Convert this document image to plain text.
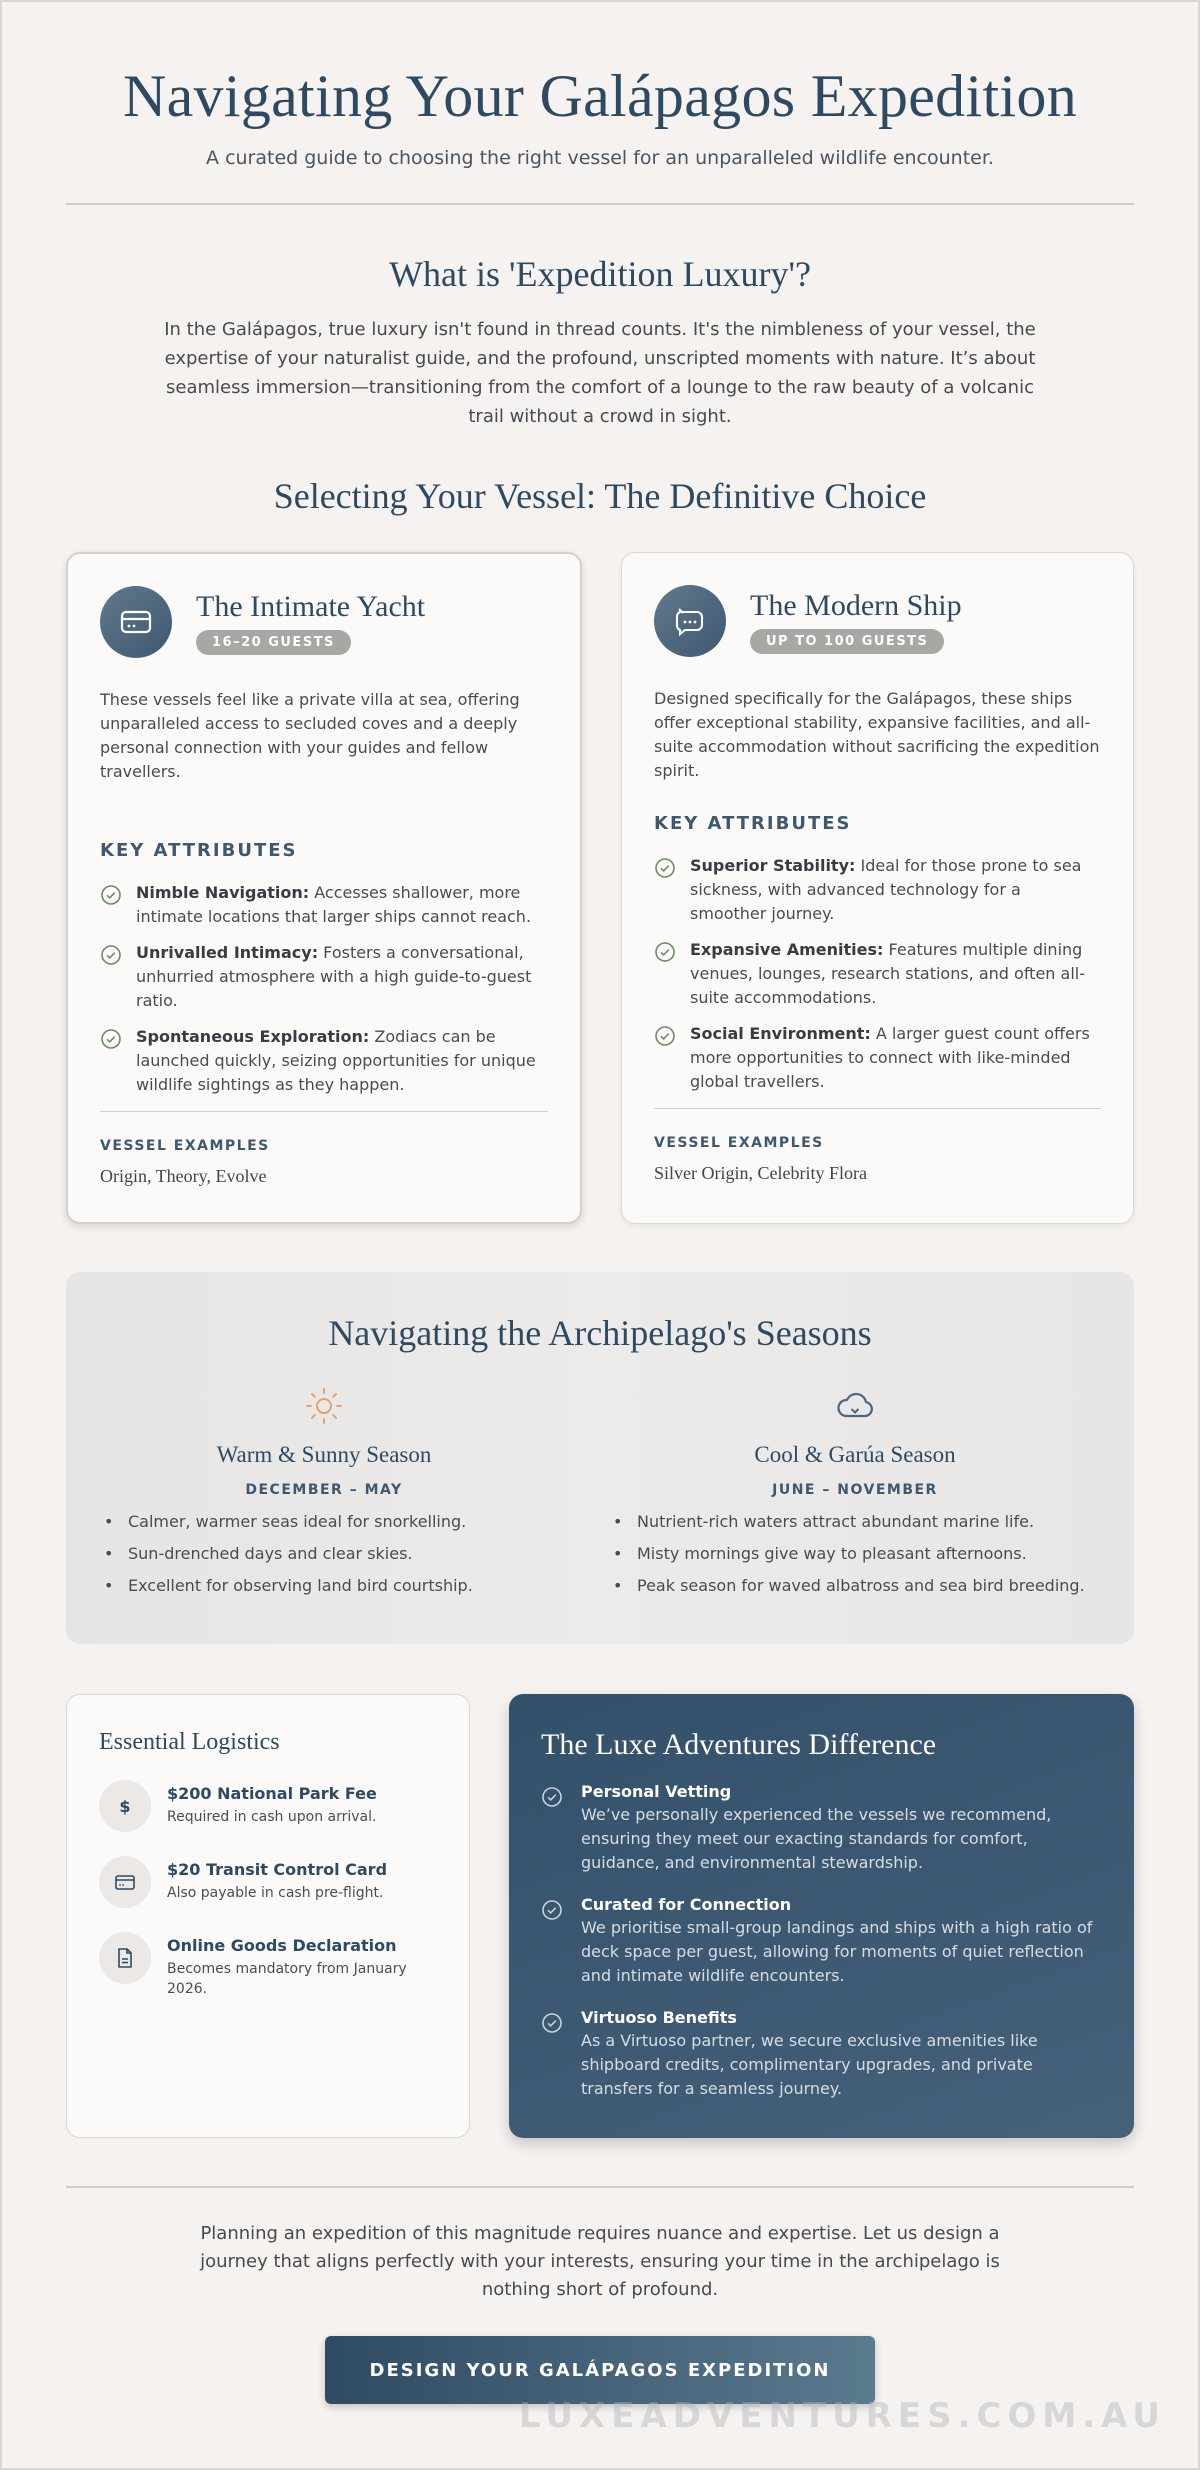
Navigating Your Galápagos Expedition

A curated guide to choosing the right vessel for an unparalleled wildlife encounter.

What is 'Expedition Luxury'?

In the Galápagos, true luxury isn't found in thread counts. It's the nimbleness of your vessel, the expertise of your naturalist guide, and the profound, unscripted moments with nature. It’s about seamless immersion—transitioning from the comfort of a lounge to the raw beauty of a volcanic trail without a crowd in sight.

Selecting Your Vessel: The Definitive Choice
The Intimate Yacht
16–20 GUESTS

These vessels feel like a private villa at sea, offering unparalleled access to secluded coves and a deeply personal connection with your guides and fellow travellers.

KEY ATTRIBUTES
Nimble Navigation: Accesses shallower, more intimate locations that larger ships cannot reach.
Unrivalled Intimacy: Fosters a conversational, unhurried atmosphere with a high guide-to-guest ratio.
Spontaneous Exploration: Zodiacs can be launched quickly, seizing opportunities for unique wildlife sightings as they happen.
VESSEL EXAMPLES
Origin, Theory, Evolve
The Modern Ship
UP TO 100 GUESTS

Designed specifically for the Galápagos, these ships offer exceptional stability, expansive facilities, and all-suite accommodation without sacrificing the expedition spirit.

KEY ATTRIBUTES
Superior Stability: Ideal for those prone to sea sickness, with advanced technology for a smoother journey.
Expansive Amenities: Features multiple dining venues, lounges, research stations, and often all-suite accommodations.
Social Environment: A larger guest count offers more opportunities to connect with like-minded global travellers.
VESSEL EXAMPLES
Silver Origin, Celebrity Flora
Navigating the Archipelago's Seasons
Warm & Sunny Season
DECEMBER – MAY
• Calmer, warmer seas ideal for snorkelling.
• Sun-drenched days and clear skies.
• Excellent for observing land bird courtship.
Cool & Garúa Season
JUNE – NOVEMBER
• Nutrient-rich waters attract abundant marine life.
• Misty mornings give way to pleasant afternoons.
• Peak season for waved albatross and sea bird breeding.
Essential Logistics
$
$200 National Park Fee
Required in cash upon arrival.
$20 Transit Control Card
Also payable in cash pre-flight.
Online Goods Declaration
Becomes mandatory from January 2026.
The Luxe Adventures Difference
Personal Vetting
We’ve personally experienced the vessels we recommend, ensuring they meet our exacting standards for comfort, guidance, and environmental stewardship.
Curated for Connection
We prioritise small-group landings and ships with a high ratio of deck space per guest, allowing for moments of quiet reflection and intimate wildlife encounters.
Virtuoso Benefits
As a Virtuoso partner, we secure exclusive amenities like shipboard credits, complimentary upgrades, and private transfers for a seamless journey.

Planning an expedition of this magnitude requires nuance and expertise. Let us design a journey that aligns perfectly with your interests, ensuring your time in the archipelago is nothing short of profound.

DESIGN YOUR GALÁPAGOS EXPEDITION
LUXEADVENTURES.COM.AU
